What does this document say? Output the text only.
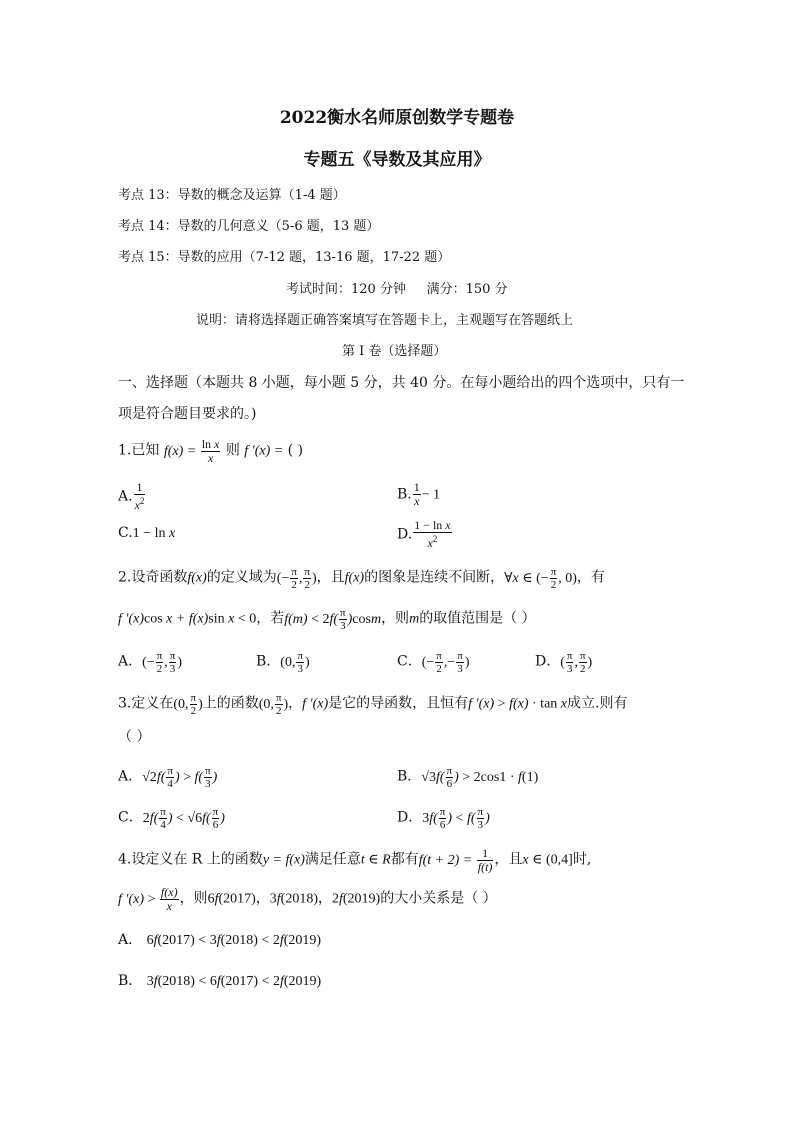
2022衡水名师原创数学专题卷
专题五《导数及其应用》
考点 13：导数的概念及运算（1-4 题）
考点 14：导数的几何意义（5-6 题，13 题）
考点 15：导数的应用（7-12 题，13-16 题，17-22 题）
考试时间：120 分钟 满分：150 分
说明：请将选择题正确答案填写在答题卡上，主观题写在答题纸上
第 I 卷（选择题）
一、选择题（本题共 8 小题，每小题 5 分，共 40 分。在每小题给出的四个选项中，只有一
项是符合题目要求的。)
1.已知 $f(x) = \frac{\text{ln x}}{x}$ 则 f ′(x) = ( )
A. $\frac{1}{x^2}$	B. $\frac{1}{x} - 1$
C.1 − ln x	D. $\frac{\text{1 − ln x}}{x^2}$
2.设奇函数f(x)的定义域为(− $\frac{\pi}{2}$ , $\frac{\pi}{2}$ )，且f(x)的图象是连续不间断，∀x ∈ (− $\frac{\pi}{2}$ , 0)，有
f ′(x)cos x + f(x)sin x < 0，若$f(m) < 2f( \frac{\pi}{3} )\cos m$，则m的取值范围是（ ）
A．(− $\frac{\pi}{2}$ , $\frac{\pi}{3}$ )	B．(0, $\frac{\pi}{3}$ )	C．(− $\frac{\pi}{2}$ ,− $\frac{\pi}{3}$ )	D．( $\frac{\pi}{3}$ , $\frac{\pi}{2}$ )
3.定义在(0, $\frac{\pi}{2}$ )上的函数(0, $\frac{\pi}{2}$ )，f ′(x)是它的导函数，且恒有f ′(x) > f(x) · tan x成立.则有
（ ）
A．$√2f( \frac{\pi}{4}$ ) > $f( \frac{\pi}{3}$ )	B．$√3f( \frac{\pi}{6}$ ) > 2cos1 · f(1)
C．$2f( \frac{\pi}{4}$ ) < $√6f( \frac{\pi}{6}$ )	D．$3f( \frac{\pi}{6}$ ) < $f( \frac{\pi}{3}$ )
4.设定义在 R 上的函数y = f(x)满足任意t ∈ R都有$f(t + 2) = \frac{1}{f(t)}$ ，且x ∈ (0,4]时,
f $'(x) > \frac{f(x)}{x}$ ，则6f(2017)，3f(2018)，2f(2019)的大小关系是（ ）
A． 6f(2017) < 3f(2018) < 2f(2019)
B． 3f(2018) < 6f(2017) < 2f(2019)
